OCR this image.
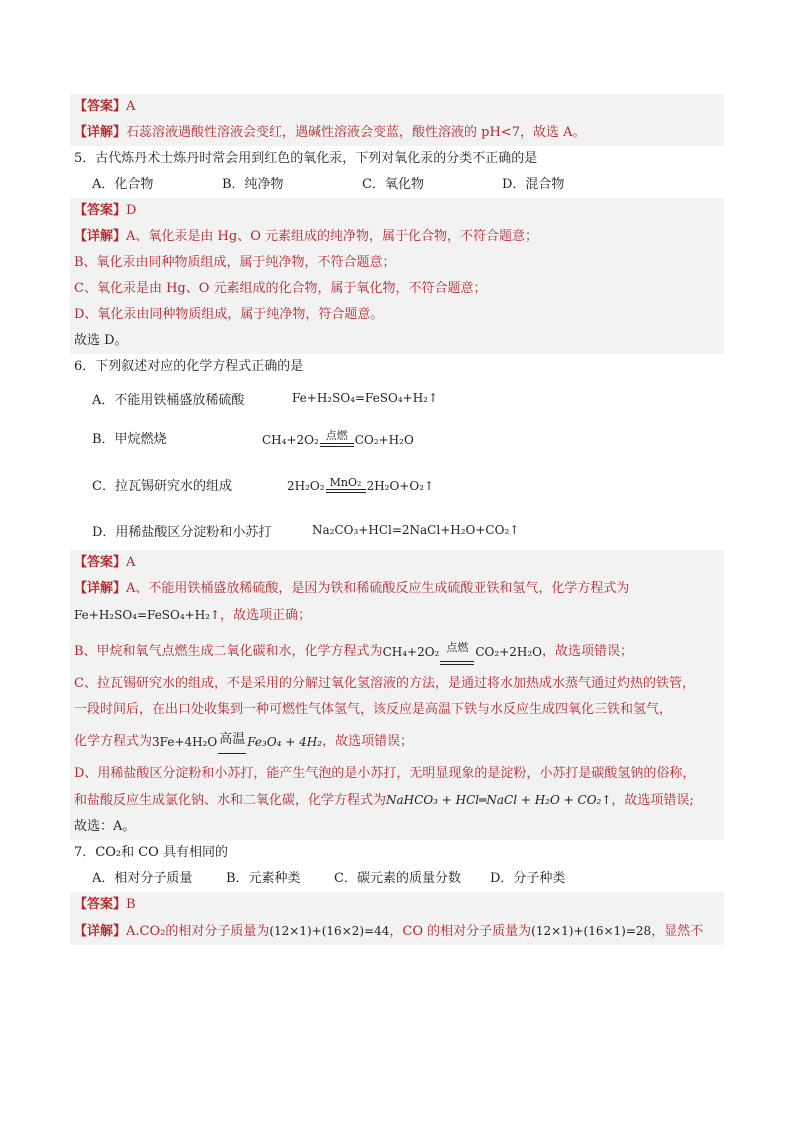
【答案】A
【详解】石蕊溶液遇酸性溶液会变红，遇碱性溶液会变蓝，酸性溶液的 pH<7，故选 A。
5．古代炼丹术士炼丹时常会用到红色的氧化汞，下列对氧化汞的分类不正确的是
A．化合物	B．纯净物	C．氧化物	D．混合物
【答案】D
【详解】A、氧化汞是由 Hg、O 元素组成的纯净物，属于化合物，不符合题意；
B、氧化汞由同种物质组成，属于纯净物，不符合题意；
C、氧化汞是由 Hg、O 元素组成的化合物，属于氧化物，不符合题意；
D、氧化汞由同种物质组成，属于纯净物，符合题意。
故选 D。
6．下列叙述对应的化学方程式正确的是
A．不能用铁桶盛放稀硫酸	Fe+H₂SO₄=FeSO₄+H₂↑
B．甲烷燃烧	CH₄+2O₂ 点燃 CO₂+H₂O
C．拉瓦锡研究水的组成	2H₂O₂ MnO₂ 2H₂O+O₂↑
D．用稀盐酸区分淀粉和小苏打	Na₂CO₃+HCl=2NaCl+H₂O+CO₂↑
【答案】A
【详解】A、不能用铁桶盛放稀硫酸，是因为铁和稀硫酸反应生成硫酸亚铁和氢气，化学方程式为
Fe+H₂SO₄=FeSO₄+H₂↑，故选项正确；
B、甲烷和氧气点燃生成二氧化碳和水，化学方程式为 CH₄+2O₂ 点燃 CO₂+2H₂O ，故选项错误；
C、拉瓦锡研究水的组成，不是采用的分解过氧化氢溶液的方法，是通过将水加热成水蒸气通过灼热的铁管，
一段时间后，在出口处收集到一种可燃性气体氢气，该反应是高温下铁与水反应生成四氧化三铁和氢气，
化学方程式为 3Fe+4H₂O 高温 Fe₃O₄ + 4H₂ ，故选项错误；
D、用稀盐酸区分淀粉和小苏打，能产生气泡的是小苏打，无明显现象的是淀粉，小苏打是碳酸氢钠的俗称，
和盐酸反应生成氯化钠、水和二氧化碳，化学方程式为NaHCO₃ + HCl═NaCl + H₂O + CO₂↑，故选项错误;
故选：A。
7．CO₂和 CO 具有相同的
A．相对分子质量	B．元素种类	C．碳元素的质量分数	D．分子种类
【答案】B
【详解】A.CO₂的相对分子质量为(12×1)+(16×2)=44，CO 的相对分子质量为(12×1)+(16×1)=28，显然不
